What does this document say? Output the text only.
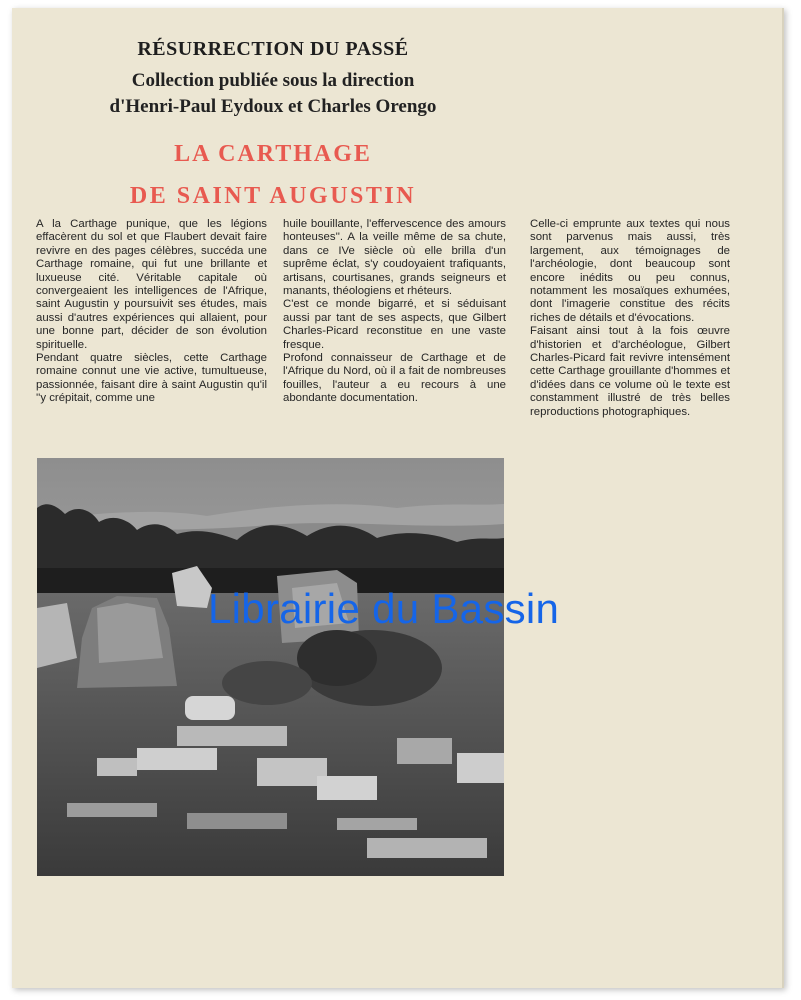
RÉSURRECTION DU PASSÉ
Collection publiée sous la direction
d'Henri-Paul Eydoux et Charles Orengo
LA CARTHAGE
DE SAINT AUGUSTIN

A la Carthage punique, que les légions effacèrent du sol et que Flaubert devait faire revivre en des pages célèbres, succéda une Carthage romaine, qui fut une brillante et luxueuse cité. Véritable capitale où convergeaient les intelligences de l'Afrique, saint Augustin y poursuivit ses études, mais aussi d'autres expériences qui allaient, pour une bonne part, décider de son évolution spirituelle.

Pendant quatre siècles, cette Carthage romaine connut une vie active, tumultueuse, passionnée, faisant dire à saint Augustin qu'il ''y crépitait, comme une

huile bouillante, l'effervescence des amours honteuses''. A la veille même de sa chute, dans ce IVe siècle où elle brilla d'un suprême éclat, s'y coudoyaient trafiquants, artisans, courtisanes, grands seigneurs et manants, théologiens et rhéteurs.

C'est ce monde bigarré, et si séduisant aussi par tant de ses aspects, que Gilbert Charles-Picard reconstitue en une vaste fresque.

Profond connaisseur de Carthage et de l'Afrique du Nord, où il a fait de nombreuses fouilles, l'auteur a eu recours à une abondante documentation.

Celle-ci emprunte aux textes qui nous sont parvenus mais aussi, très largement, aux témoignages de l'archéologie, dont beaucoup sont encore inédits ou peu connus, notamment les mosaïques exhumées, dont l'imagerie constitue des récits riches de détails et d'évocations.

Faisant ainsi tout à la fois œuvre d'historien et d'archéologue, Gilbert Charles-Picard fait revivre intensément cette Carthage grouillante d'hommes et d'idées dans ce volume où le texte est constamment illustré de très belles reproductions photographiques.

Librairie du Bassin
